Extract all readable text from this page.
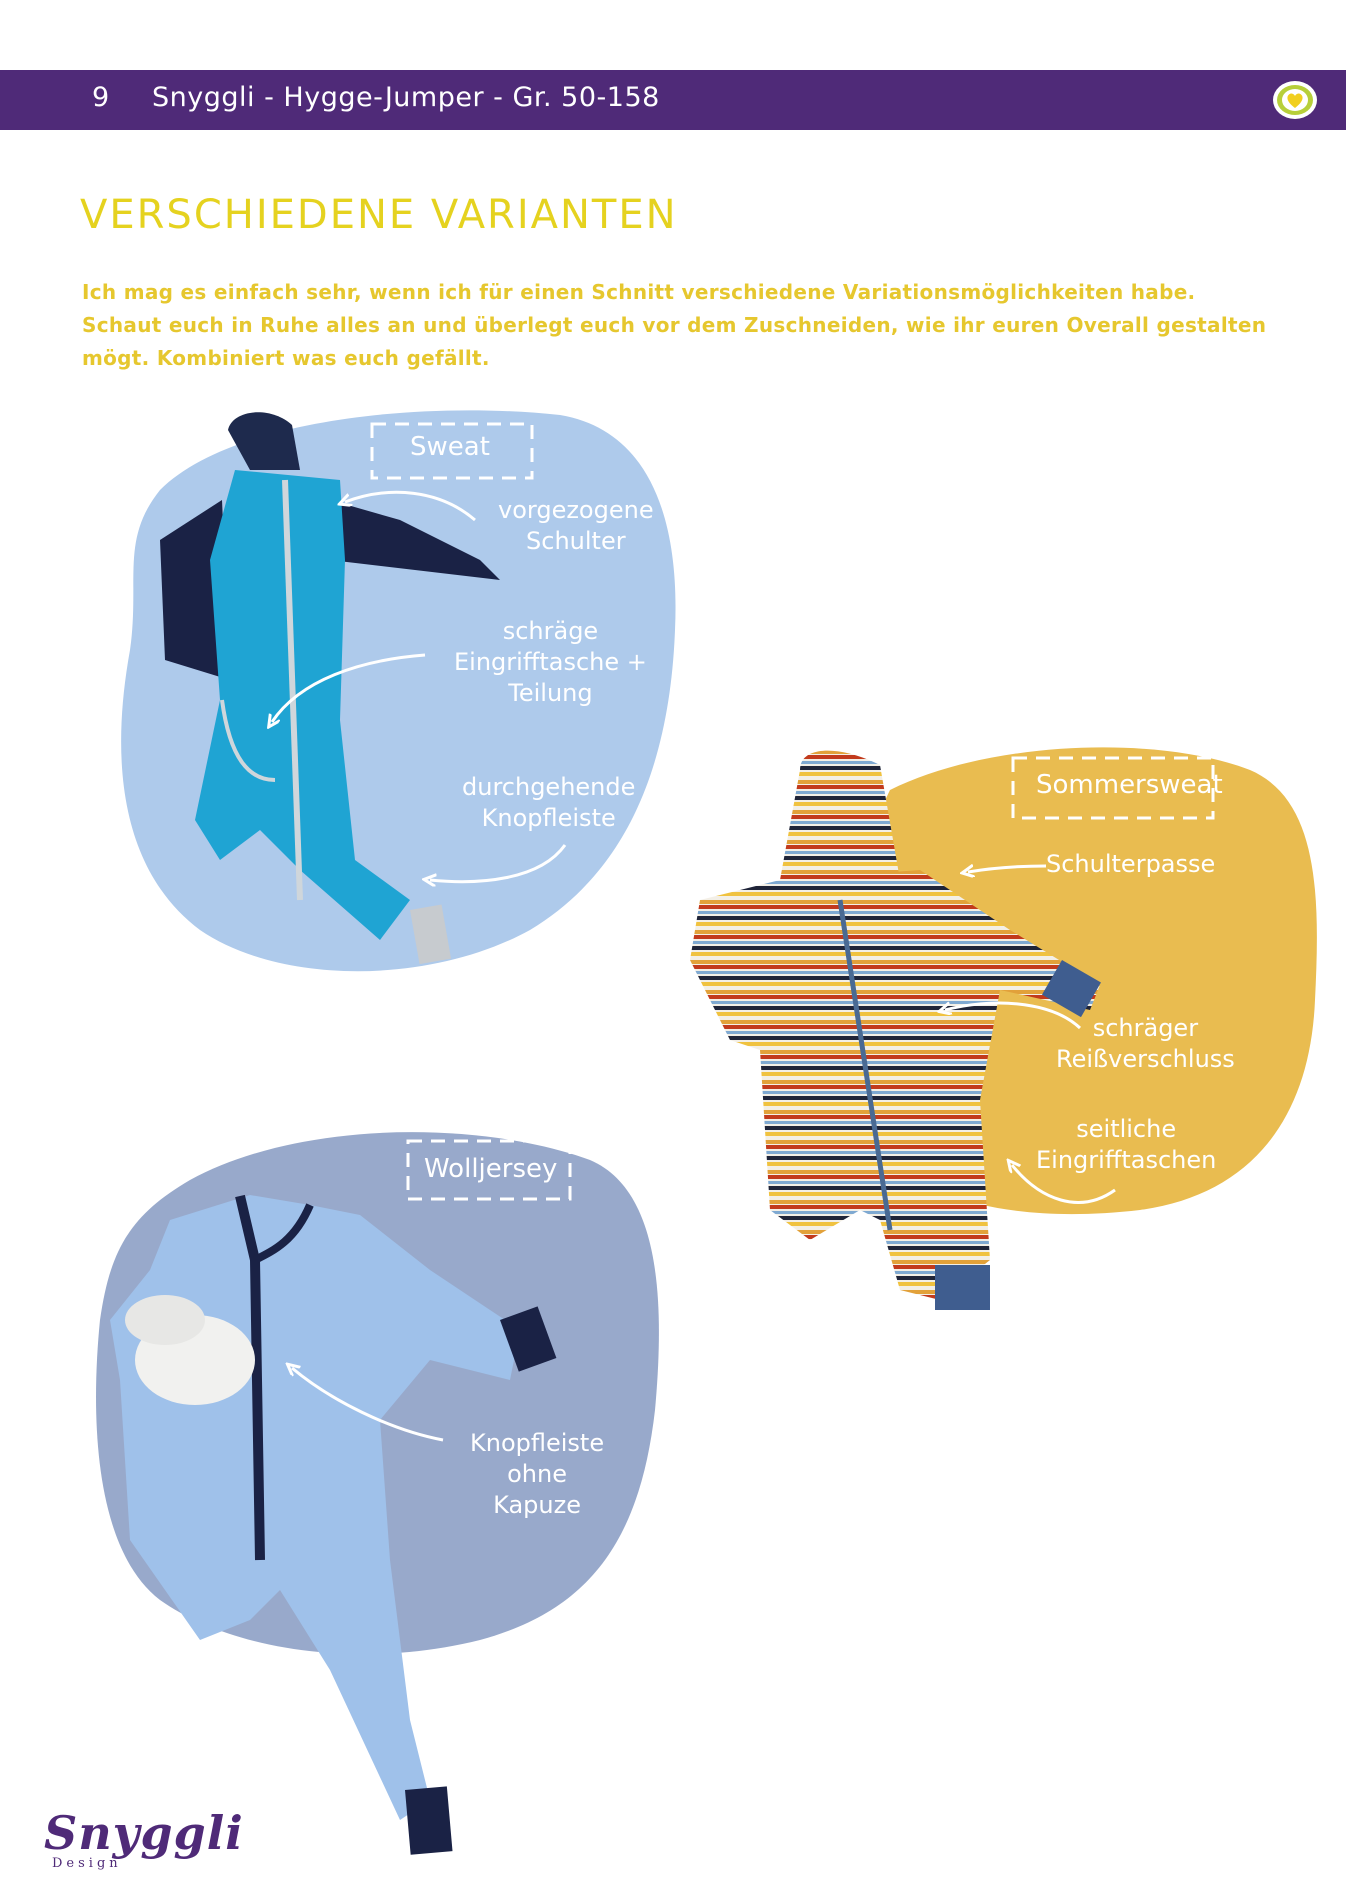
9 Snyggli - Hygge-Jumper - Gr. 50-158
VERSCHIEDENE VARIANTEN

Ich mag es einfach sehr, wenn ich für einen Schnitt verschiedene Variationsmöglichkeiten habe.
Schaut euch in Ruhe alles an und überlegt euch vor dem Zuschneiden, wie ihr euren Overall gestalten
mögt. Kombiniert was euch gefällt.

Sweat
Sommersweat
Wolljersey
vorgezogene
Schulter
schräge
Eingrifftasche +
Teilung
durchgehende
Knopfleiste
Schulterpasse
schräger
Reißverschluss
seitliche
Eingrifftaschen
Knopfleiste
ohne
Kapuze
Snyggli
Design
